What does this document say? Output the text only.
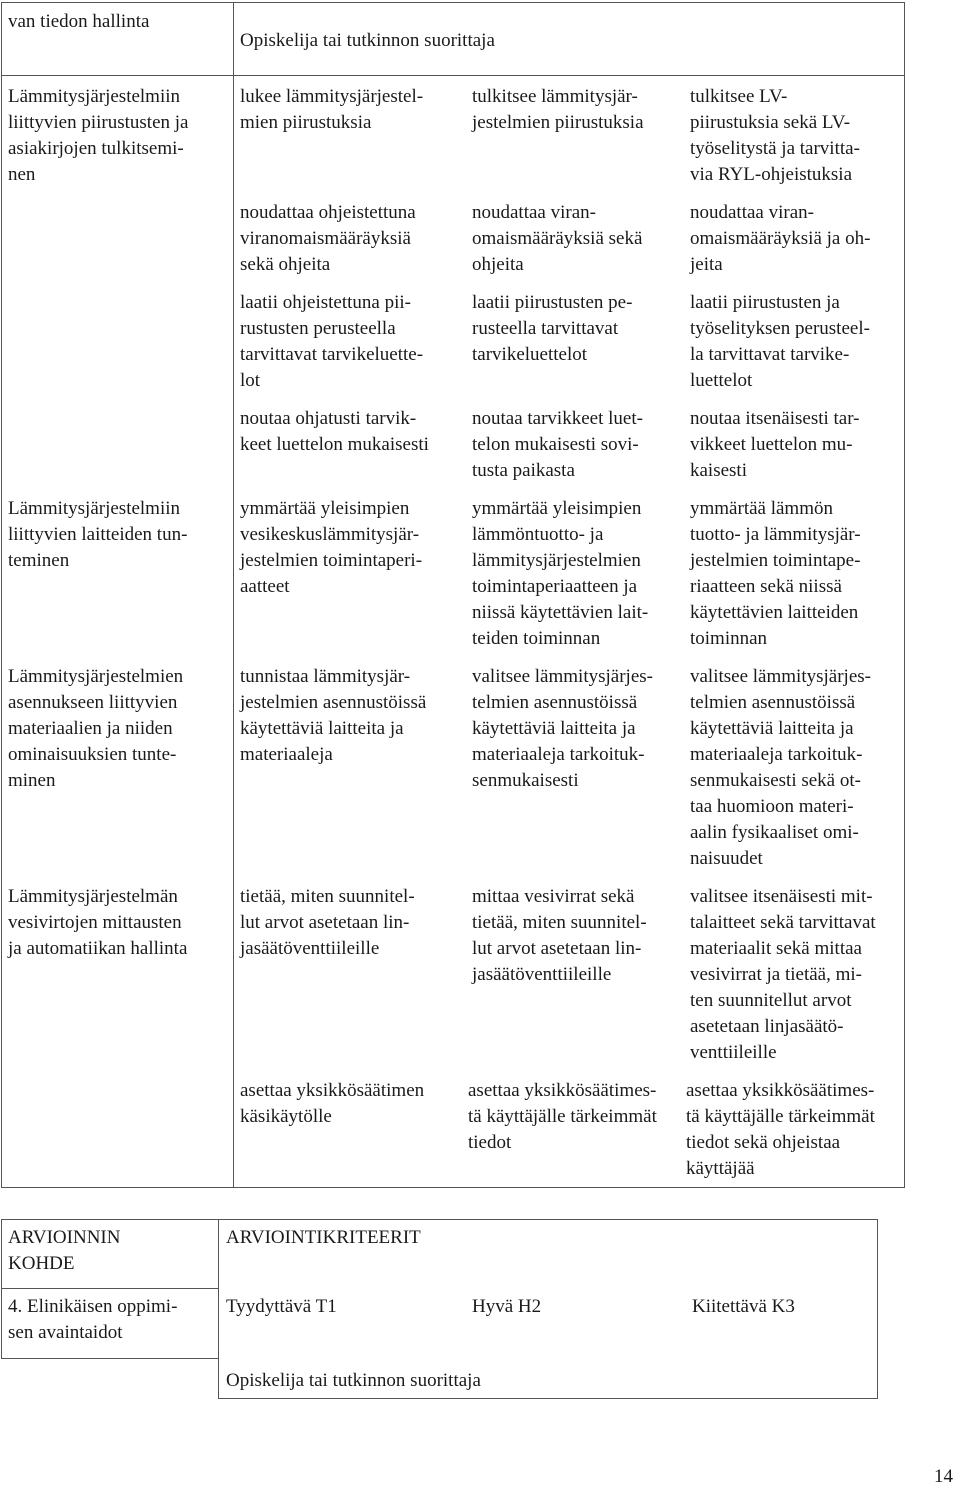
van tiedon hallinta

Opiskelija tai tutkinnon suorittaja

Lämmitysjärjestelmiin
liittyvien piirustusten ja
asiakirjojen tulkitsemi-
nen

lukee lämmitysjärjestel-
mien piirustuksia

tulkitsee lämmitysjär-
jestelmien piirustuksia

tulkitsee LV-
piirustuksia sekä LV-
työselitystä ja tarvitta-
via RYL-ohjeistuksia

noudattaa ohjeistettuna
viranomaismääräyksiä
sekä ohjeita

noudattaa viran-
omaismääräyksiä sekä
ohjeita

noudattaa viran-
omaismääräyksiä ja oh-
jeita

laatii ohjeistettuna pii-
rustusten perusteella
tarvittavat tarvikeluette-
lot

laatii piirustusten pe-
rusteella tarvittavat
tarvikeluettelot

laatii piirustusten ja
työselityksen perusteel-
la tarvittavat tarvike-
luettelot

noutaa ohjatusti tarvik-
keet luettelon mukaisesti

noutaa tarvikkeet luet-
telon mukaisesti sovi-
tusta paikasta

noutaa itsenäisesti tar-
vikkeet luettelon mu-
kaisesti

Lämmitysjärjestelmiin
liittyvien laitteiden tun-
teminen

ymmärtää yleisimpien
vesikeskuslämmitysjär-
jestelmien toimintaperi-
aatteet

ymmärtää yleisimpien
lämmöntuotto- ja
lämmitysjärjestelmien
toimintaperiaatteen ja
niissä käytettävien lait-
teiden toiminnan

ymmärtää lämmön
tuotto- ja lämmitysjär-
jestelmien toimintape-
riaatteen sekä niissä
käytettävien laitteiden
toiminnan

Lämmitysjärjestelmien
asennukseen liittyvien
materiaalien ja niiden
ominaisuuksien tunte-
minen

tunnistaa lämmitysjär-
jestelmien asennustöissä
käytettäviä laitteita ja
materiaaleja

valitsee lämmitysjärjes-
telmien asennustöissä
käytettäviä laitteita ja
materiaaleja tarkoituk-
senmukaisesti

valitsee lämmitysjärjes-
telmien asennustöissä
käytettäviä laitteita ja
materiaaleja tarkoituk-
senmukaisesti sekä ot-
taa huomioon materi-
aalin fysikaaliset omi-
naisuudet

Lämmitysjärjestelmän
vesivirtojen mittausten
ja automatiikan hallinta

tietää, miten suunnitel-
lut arvot asetetaan lin-
jasäätöventtiileille

mittaa vesivirrat sekä
tietää, miten suunnitel-
lut arvot asetetaan lin-
jasäätöventtiileille

valitsee itsenäisesti mit-
talaitteet sekä tarvittavat
materiaalit sekä mittaa
vesivirrat ja tietää, mi-
ten suunnitellut arvot
asetetaan linjasäätö-
venttiileille

asettaa yksikkösäätimen
käsikäytölle

asettaa yksikkösäätimes-
tä käyttäjälle tärkeimmät
tiedot

asettaa yksikkösäätimes-
tä käyttäjälle tärkeimmät
tiedot sekä ohjeistaa
käyttäjää

ARVIOINNIN
KOHDE

ARVIOINTIKRITEERIT

4. Elinikäisen oppimi-
sen avaintaidot

Tyydyttävä T1	Hyvä H2	Kiitettävä K3

Opiskelija tai tutkinnon suorittaja

14
